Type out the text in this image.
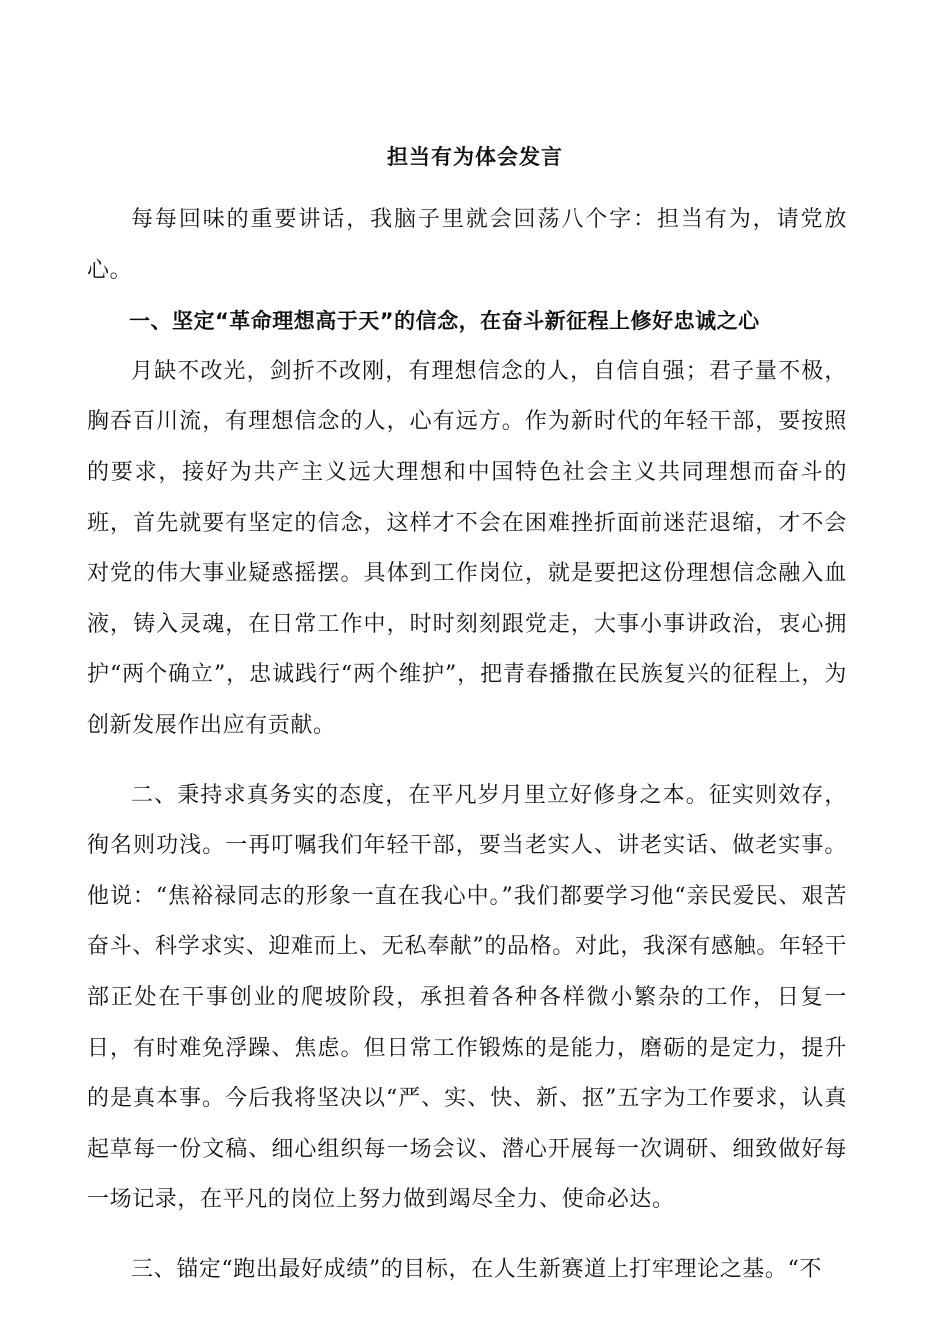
担当有为体会发言

每每回味的重要讲话，我脑子里就会回荡八个字：担当有为，请党放心。

一、坚定“革命理想高于天”的信念，在奋斗新征程上修好忠诚之心

月缺不改光，剑折不改刚，有理想信念的人，自信自强；君子量不极，胸吞百川流，有理想信念的人，心有远方。作为新时代的年轻干部，要按照的要求，接好为共产主义远大理想和中国特色社会主义共同理想而奋斗的班，首先就要有坚定的信念，这样才不会在困难挫折面前迷茫退缩，才不会对党的伟大事业疑惑摇摆。具体到工作岗位，就是要把这份理想信念融入血液，铸入灵魂，在日常工作中，时时刻刻跟党走，大事小事讲政治，衷心拥护“两个确立”，忠诚践行“两个维护”，把青春播撒在民族复兴的征程上，为创新发展作出应有贡献。

二、秉持求真务实的态度，在平凡岁月里立好修身之本。征实则效存，徇名则功浅。一再叮嘱我们年轻干部，要当老实人、讲老实话、做老实事。他说：“焦裕禄同志的形象一直在我心中。”我们都要学习他“亲民爱民、艰苦奋斗、科学求实、迎难而上、无私奉献”的品格。对此，我深有感触。年轻干部正处在干事创业的爬坡阶段，承担着各种各样微小繁杂的工作，日复一日，有时难免浮躁、焦虑。但日常工作锻炼的是能力，磨砺的是定力，提升的是真本事。今后我将坚决以“严、实、快、新、抠”五字为工作要求，认真起草每一份文稿、细心组织每一场会议、潜心开展每一次调研、细致做好每一场记录，在平凡的岗位上努力做到竭尽全力、使命必达。

三、锚定“跑出最好成绩”的目标，在人生新赛道上打牢理论之基。“不
